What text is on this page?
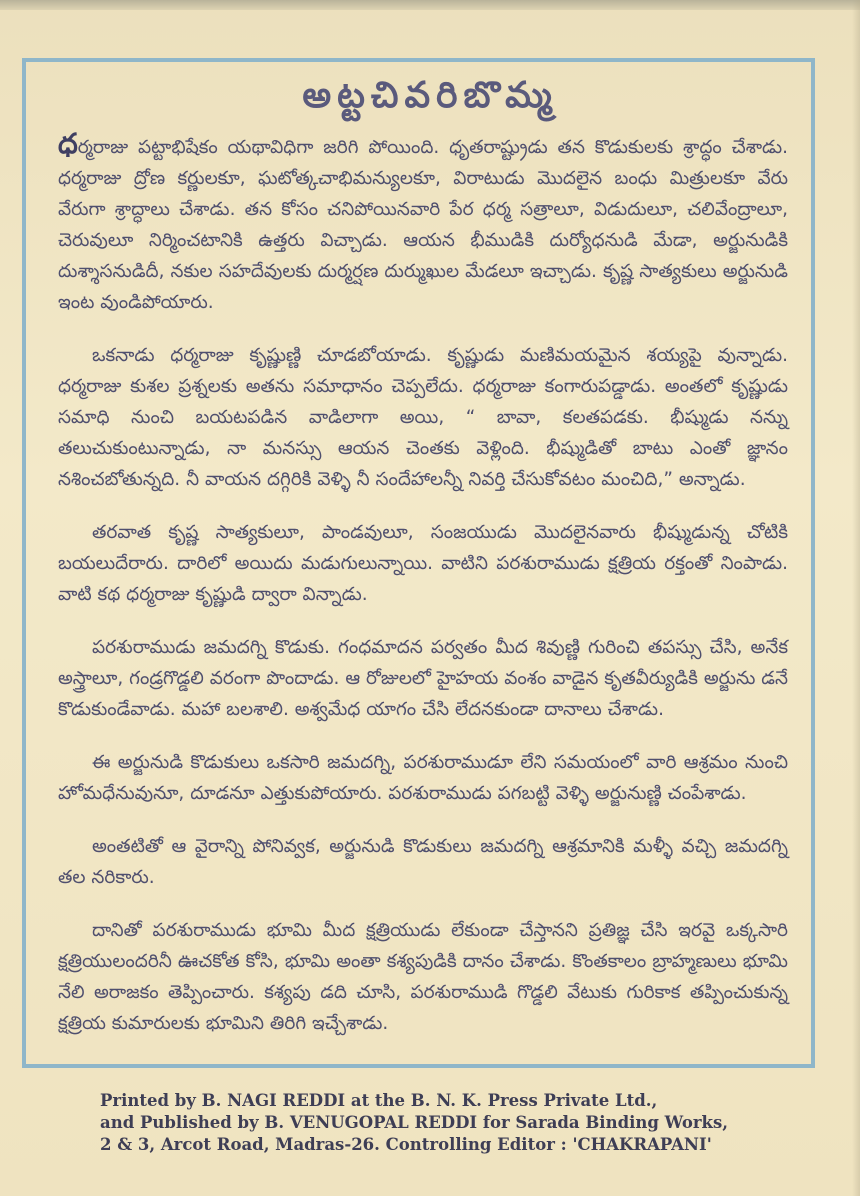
అట్టచివరిబొమ్మ

ధర్మరాజు పట్టాభిషేకం యథావిధిగా జరిగి పోయింది. ధృతరాష్ట్రుడు తన కొడుకులకు శ్రాద్ధం చేశాడు. ధర్మరాజు ద్రోణ కర్ణులకూ, ఘటోత్కచాభిమన్యులకూ, విరాటుడు మొదలైన బంధు మిత్రులకూ వేరు వేరుగా శ్రాద్ధాలు చేశాడు. తన కోసం చనిపోయినవారి పేర ధర్మ సత్రాలూ, విడుదులూ, చలివేంద్రాలూ, చెరువులూ నిర్మించటానికి ఉత్తరు విచ్చాడు. ఆయన భీముడికి దుర్యోధనుడి మేడా, అర్జునుడికి దుశ్శాసనుడిదీ, నకుల సహదేవులకు దుర్మర్షణ దుర్ముఖుల మేడలూ ఇచ్చాడు. కృష్ణ సాత్యకులు అర్జునుడి ఇంట వుండిపోయారు.

ఒకనాడు ధర్మరాజు కృష్ణుణ్ణి చూడబోయాడు. కృష్ణుడు మణిమయమైన శయ్యపై వున్నాడు. ధర్మరాజు కుశల ప్రశ్నలకు అతను సమాధానం చెప్పలేదు. ధర్మరాజు కంగారుపడ్డాడు. అంతలో కృష్ణుడు సమాధి నుంచి బయటపడిన వాడిలాగా అయి, “ బావా, కలతపడకు. భీష్ముడు నన్ను తలుచుకుంటున్నాడు, నా మనస్సు ఆయన చెంతకు వెళ్లింది. భీష్ముడితో బాటు ఎంతో జ్ఞానం నశించబోతున్నది. నీ వాయన దగ్గిరికి వెళ్ళి నీ సందేహాలన్నీ నివర్తి చేసుకోవటం మంచిది,” అన్నాడు.

తరవాత కృష్ణ సాత్యకులూ, పాండవులూ, సంజయుడు మొదలైనవారు భీష్ముడున్న చోటికి బయలుదేరారు. దారిలో అయిదు మడుగులున్నాయి. వాటిని పరశురాముడు క్షత్రియ రక్తంతో నింపాడు. వాటి కథ ధర్మరాజు కృష్ణుడి ద్వారా విన్నాడు.

పరశురాముడు జమదగ్ని కొడుకు. గంధమాదన పర్వతం మీద శివుణ్ణి గురించి తపస్సు చేసి, అనేక అస్త్రాలూ, గండ్రగొడ్డలి వరంగా పొందాడు. ఆ రోజులలో హైహయ వంశం వాడైన కృతవీర్యుడికి అర్జును డనే కొడుకుండేవాడు. మహా బలశాలి. అశ్వమేధ యాగం చేసి లేదనకుండా దానాలు చేశాడు.

ఈ అర్జునుడి కొడుకులు ఒకసారి జమదగ్ని, పరశురాముడూ లేని సమయంలో వారి ఆశ్రమం నుంచి హోమధేనువునూ, దూడనూ ఎత్తుకుపోయారు. పరశురాముడు పగబట్టి వెళ్ళి అర్జునుణ్ణి చంపేశాడు.

అంతటితో ఆ వైరాన్ని పోనివ్వక, అర్జునుడి కొడుకులు జమదగ్ని ఆశ్రమానికి మళ్ళీ వచ్చి జమదగ్ని తల నరికారు.

దానితో పరశురాముడు భూమి మీద క్షత్రియుడు లేకుండా చేస్తానని ప్రతిజ్ఞ చేసి ఇరవై ఒక్కసారి క్షత్రియులందరినీ ఊచకోత కోసి, భూమి అంతా కశ్యపుడికి దానం చేశాడు. కొంతకాలం బ్రాహ్మణులు భూమి నేలి అరాజకం తెప్పించారు. కశ్యపు డది చూసి, పరశురాముడి గొడ్డలి వేటుకు గురికాక తప్పించుకున్న క్షత్రియ కుమారులకు భూమిని తిరిగి ఇచ్చేశాడు.

Printed by B. NAGI REDDI at the B. N. K. Press Private Ltd.,
and Published by B. VENUGOPAL REDDI for Sarada Binding Works,
2 & 3, Arcot Road, Madras-26. Controlling Editor : 'CHAKRAPANI'
